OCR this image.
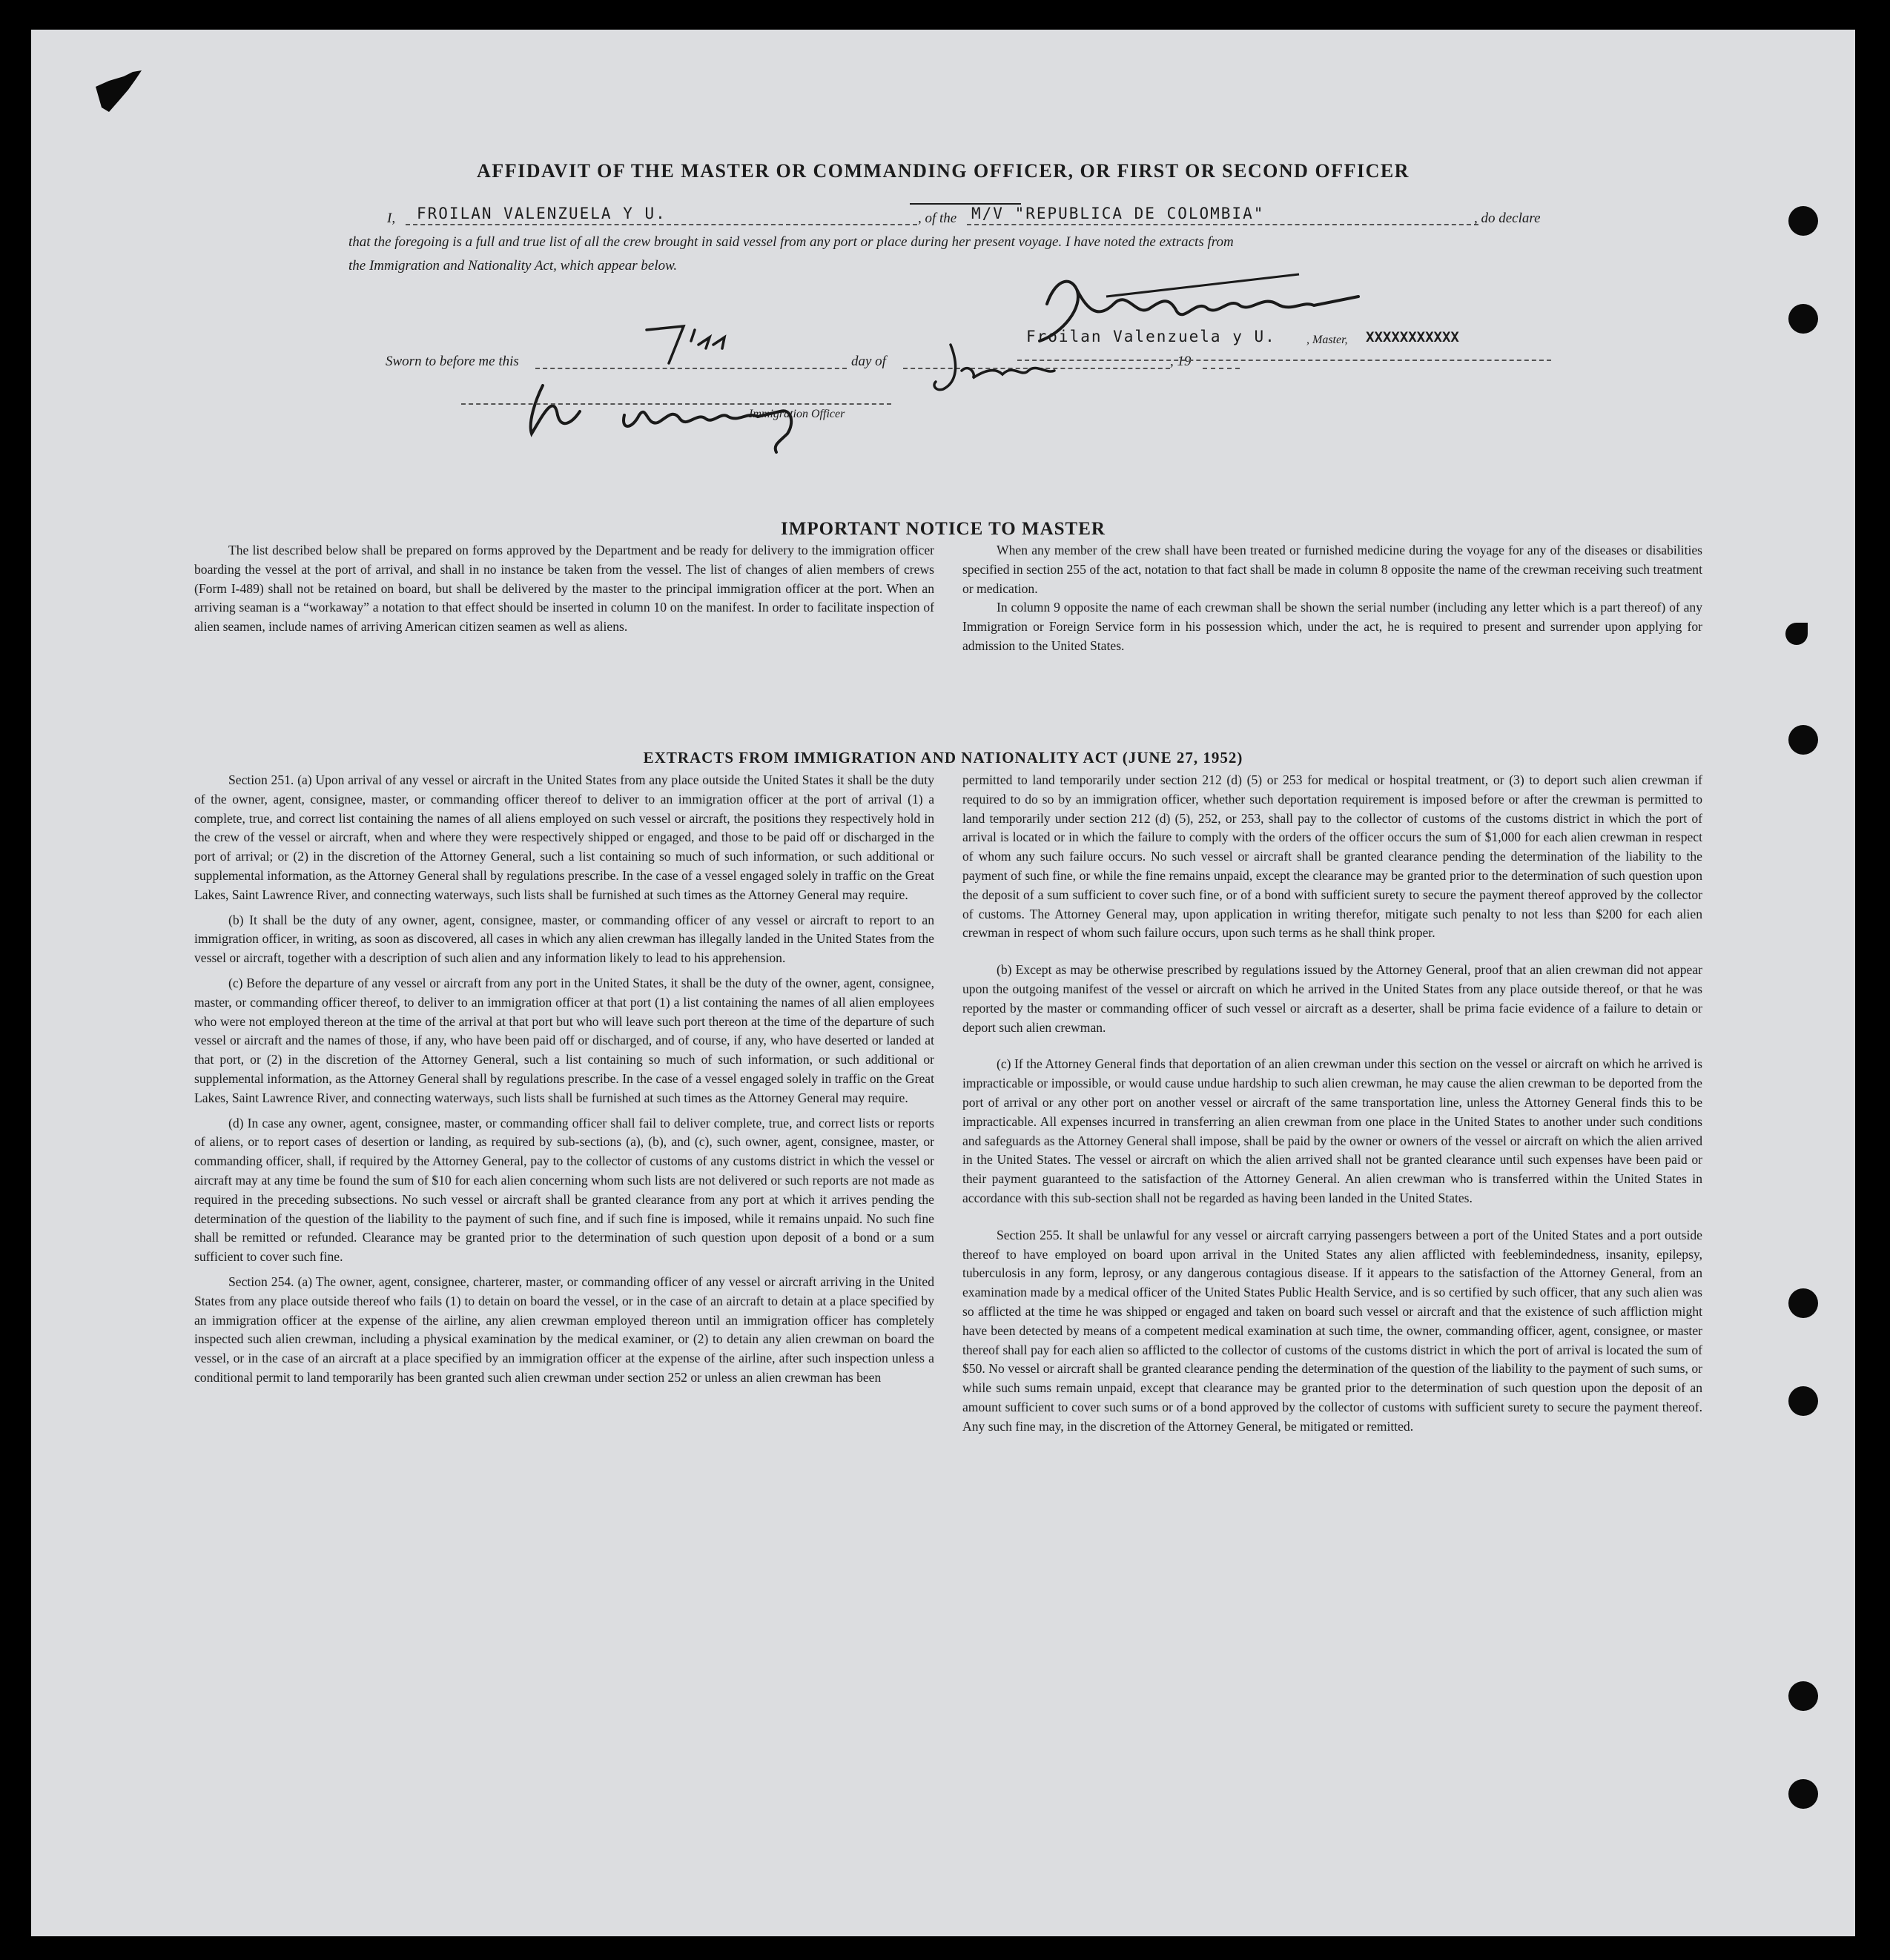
AFFIDAVIT OF THE MASTER OR COMMANDING OFFICER, OR FIRST OR SECOND OFFICER
I, FROILAN VALENZUELA Y U.	, of the M/V "REPUBLICA DE COLOMBIA"	, do declare
that the foregoing is a full and true list of all the crew brought in said vessel from any port or place during her present voyage. I have noted the extracts from
the Immigration and Nationality Act, which appear below.
Sworn to before me this	day of	, 19
Froilan Valenzuela y U.	, Master, XXXXXXXXXXX
Immigration Officer
IMPORTANT NOTICE TO MASTER

The list described below shall be prepared on forms approved by the Department and be ready for delivery to the immigration officer boarding the vessel at the port of arrival, and shall in no instance be taken from the vessel. The list of changes of alien members of crews (Form I-489) shall not be retained on board, but shall be delivered by the master to the principal immigration officer at the port. When an arriving seaman is a “workaway” a notation to that effect should be inserted in column 10 on the manifest. In order to facilitate inspection of alien seamen, include names of arriving American citizen seamen as well as aliens.

When any member of the crew shall have been treated or furnished medicine during the voyage for any of the diseases or disabilities specified in section 255 of the act, notation to that fact shall be made in column 8 opposite the name of the crewman receiving such treatment or medication.

In column 9 opposite the name of each crewman shall be shown the serial number (including any letter which is a part thereof) of any Immigration or Foreign Service form in his possession which, under the act, he is required to present and surrender upon applying for admission to the United States.

EXTRACTS FROM IMMIGRATION AND NATIONALITY ACT (JUNE 27, 1952)

Section 251. (a) Upon arrival of any vessel or aircraft in the United States from any place outside the United States it shall be the duty of the owner, agent, consignee, master, or commanding officer thereof to deliver to an immigration officer at the port of arrival (1) a complete, true, and correct list containing the names of all aliens employed on such vessel or aircraft, the positions they respectively hold in the crew of the vessel or aircraft, when and where they were respectively shipped or engaged, and those to be paid off or discharged in the port of arrival; or (2) in the discretion of the Attorney General, such a list containing so much of such information, or such additional or supplemental information, as the Attorney General shall by regulations prescribe. In the case of a vessel engaged solely in traffic on the Great Lakes, Saint Lawrence River, and connecting waterways, such lists shall be furnished at such times as the Attorney General may require.

(b) It shall be the duty of any owner, agent, consignee, master, or commanding officer of any vessel or aircraft to report to an immigration officer, in writing, as soon as discovered, all cases in which any alien crewman has illegally landed in the United States from the vessel or aircraft, together with a description of such alien and any information likely to lead to his apprehension.

(c) Before the departure of any vessel or aircraft from any port in the United States, it shall be the duty of the owner, agent, consignee, master, or commanding officer thereof, to deliver to an immigration officer at that port (1) a list containing the names of all alien employees who were not employed thereon at the time of the arrival at that port but who will leave such port thereon at the time of the departure of such vessel or aircraft and the names of those, if any, who have been paid off or discharged, and of course, if any, who have deserted or landed at that port, or (2) in the discretion of the Attorney General, such a list containing so much of such information, or such additional or supplemental information, as the Attorney General shall by regulations prescribe. In the case of a vessel engaged solely in traffic on the Great Lakes, Saint Lawrence River, and connecting waterways, such lists shall be furnished at such times as the Attorney General may require.

(d) In case any owner, agent, consignee, master, or commanding officer shall fail to deliver complete, true, and correct lists or reports of aliens, or to report cases of desertion or landing, as required by sub-sections (a), (b), and (c), such owner, agent, consignee, master, or commanding officer, shall, if required by the Attorney General, pay to the collector of customs of any customs district in which the vessel or aircraft may at any time be found the sum of $10 for each alien concerning whom such lists are not delivered or such reports are not made as required in the preceding subsections. No such vessel or aircraft shall be granted clearance from any port at which it arrives pending the determination of the question of the liability to the payment of such fine, and if such fine is imposed, while it remains unpaid. No such fine shall be remitted or refunded. Clearance may be granted prior to the determination of such question upon deposit of a bond or a sum sufficient to cover such fine.

Section 254. (a) The owner, agent, consignee, charterer, master, or commanding officer of any vessel or aircraft arriving in the United States from any place outside thereof who fails (1) to detain on board the vessel, or in the case of an aircraft to detain at a place specified by an immigration officer at the expense of the airline, any alien crewman employed thereon until an immigration officer has completely inspected such alien crewman, including a physical examination by the medical examiner, or (2) to detain any alien crewman on board the vessel, or in the case of an aircraft at a place specified by an immigration officer at the expense of the airline, after such inspection unless a conditional permit to land temporarily has been granted such alien crewman under section 252 or unless an alien crewman has been

permitted to land temporarily under section 212 (d) (5) or 253 for medical or hospital treatment, or (3) to deport such alien crewman if required to do so by an immigration officer, whether such deportation requirement is imposed before or after the crewman is permitted to land temporarily under section 212 (d) (5), 252, or 253, shall pay to the collector of customs of the customs district in which the port of arrival is located or in which the failure to comply with the orders of the officer occurs the sum of $1,000 for each alien crewman in respect of whom any such failure occurs. No such vessel or aircraft shall be granted clearance pending the determination of the liability to the payment of such fine, or while the fine remains unpaid, except the clearance may be granted prior to the determination of such question upon the deposit of a sum sufficient to cover such fine, or of a bond with sufficient surety to secure the payment thereof approved by the collector of customs. The Attorney General may, upon application in writing therefor, mitigate such penalty to not less than $200 for each alien crewman in respect of whom such failure occurs, upon such terms as he shall think proper.

(b) Except as may be otherwise prescribed by regulations issued by the Attorney General, proof that an alien crewman did not appear upon the outgoing manifest of the vessel or aircraft on which he arrived in the United States from any place outside thereof, or that he was reported by the master or commanding officer of such vessel or aircraft as a deserter, shall be prima facie evidence of a failure to detain or deport such alien crewman.

(c) If the Attorney General finds that deportation of an alien crewman under this section on the vessel or aircraft on which he arrived is impracticable or impossible, or would cause undue hardship to such alien crewman, he may cause the alien crewman to be deported from the port of arrival or any other port on another vessel or aircraft of the same transportation line, unless the Attorney General finds this to be impracticable. All expenses incurred in transferring an alien crewman from one place in the United States to another under such conditions and safeguards as the Attorney General shall impose, shall be paid by the owner or owners of the vessel or aircraft on which the alien arrived in the United States. The vessel or aircraft on which the alien arrived shall not be granted clearance until such expenses have been paid or their payment guaranteed to the satisfaction of the Attorney General. An alien crewman who is transferred within the United States in accordance with this sub-section shall not be regarded as having been landed in the United States.

Section 255. It shall be unlawful for any vessel or aircraft carrying passengers between a port of the United States and a port outside thereof to have employed on board upon arrival in the United States any alien afflicted with feeblemindedness, insanity, epilepsy, tuberculosis in any form, leprosy, or any dangerous contagious disease. If it appears to the satisfaction of the Attorney General, from an examination made by a medical officer of the United States Public Health Service, and is so certified by such officer, that any such alien was so afflicted at the time he was shipped or engaged and taken on board such vessel or aircraft and that the existence of such affliction might have been detected by means of a competent medical examination at such time, the owner, commanding officer, agent, consignee, or master thereof shall pay for each alien so afflicted to the collector of customs of the customs district in which the port of arrival is located the sum of $50. No vessel or aircraft shall be granted clearance pending the determination of the question of the liability to the payment of such sums, or while such sums remain unpaid, except that clearance may be granted prior to the determination of such question upon the deposit of an amount sufficient to cover such sums or of a bond approved by the collector of customs with sufficient surety to secure the payment thereof. Any such fine may, in the discretion of the Attorney General, be mitigated or remitted.
